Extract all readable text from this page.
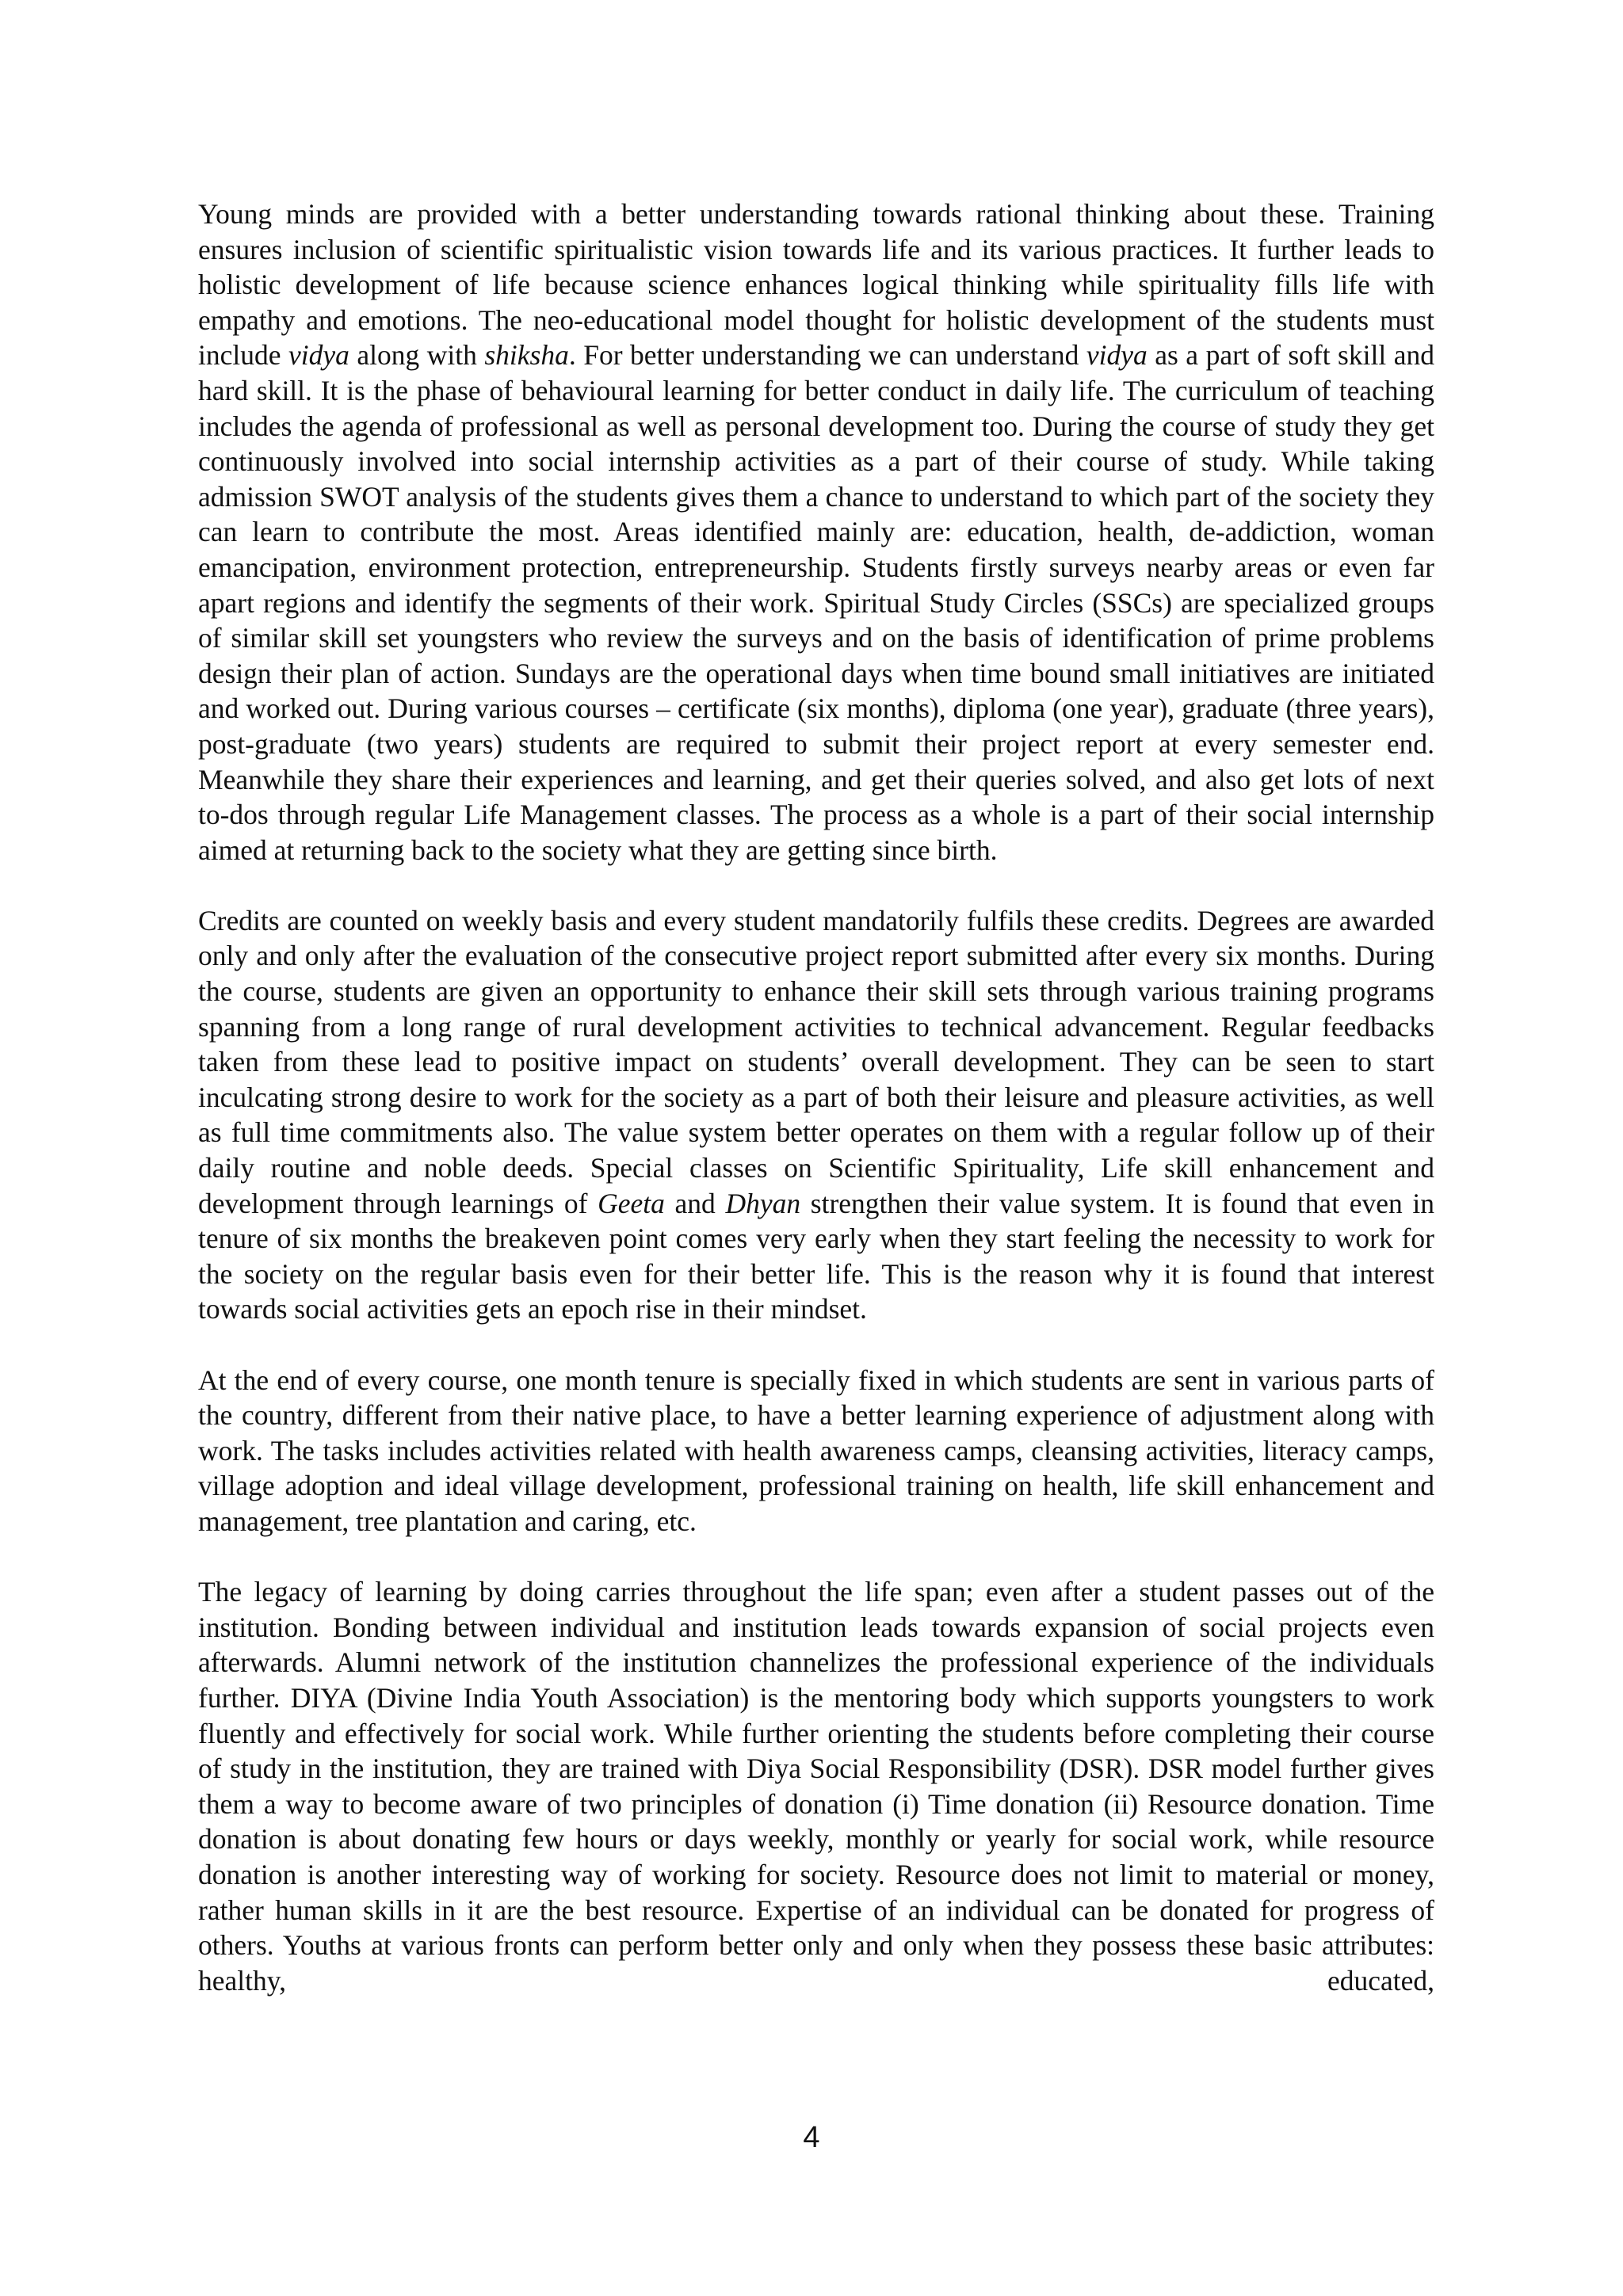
Young minds are provided with a better understanding towards rational thinking about these. Training ensures inclusion of scientific spiritualistic vision towards life and its various practices. It further leads to holistic development of life because science enhances logical thinking while spirituality fills life with empathy and emotions. The neo-educational model thought for holistic development of the students must include vidya along with shiksha. For better understanding we can understand vidya as a part of soft skill and hard skill. It is the phase of behavioural learning for better conduct in daily life. The curriculum of teaching includes the agenda of professional as well as personal development too. During the course of study they get continuously involved into social internship activities as a part of their course of study. While taking admission SWOT analysis of the students gives them a chance to understand to which part of the society they can learn to contribute the most. Areas identified mainly are: education, health, de-addiction, woman emancipation, environment protection, entrepreneurship. Students firstly surveys nearby areas or even far apart regions and identify the segments of their work. Spiritual Study Circles (SSCs) are specialized groups of similar skill set youngsters who review the surveys and on the basis of identification of prime problems design their plan of action. Sundays are the operational days when time bound small initiatives are initiated and worked out. During various courses – certificate (six months), diploma (one year), graduate (three years), post-graduate (two years) students are required to submit their project report at every semester end. Meanwhile they share their experiences and learning, and get their queries solved, and also get lots of next to-dos through regular Life Management classes. The process as a whole is a part of their social internship aimed at returning back to the society what they are getting since birth.

Credits are counted on weekly basis and every student mandatorily fulfils these credits. Degrees are awarded only and only after the evaluation of the consecutive project report submitted after every six months. During the course, students are given an opportunity to enhance their skill sets through various training programs spanning from a long range of rural development activities to technical advancement. Regular feedbacks taken from these lead to positive impact on students’ overall development. They can be seen to start inculcating strong desire to work for the society as a part of both their leisure and pleasure activities, as well as full time commitments also. The value system better operates on them with a regular follow up of their daily routine and noble deeds. Special classes on Scientific Spirituality, Life skill enhancement and development through learnings of Geeta and Dhyan strengthen their value system. It is found that even in tenure of six months the breakeven point comes very early when they start feeling the necessity to work for the society on the regular basis even for their better life. This is the reason why it is found that interest towards social activities gets an epoch rise in their mindset.

At the end of every course, one month tenure is specially fixed in which students are sent in various parts of the country, different from their native place, to have a better learning experience of adjustment along with work. The tasks includes activities related with health awareness camps, cleansing activities, literacy camps, village adoption and ideal village development, professional training on health, life skill enhancement and management, tree plantation and caring, etc.

The legacy of learning by doing carries throughout the life span; even after a student passes out of the institution. Bonding between individual and institution leads towards expansion of social projects even afterwards. Alumni network of the institution channelizes the professional experience of the individuals further. DIYA (Divine India Youth Association) is the mentoring body which supports youngsters to work fluently and effectively for social work. While further orienting the students before completing their course of study in the institution, they are trained with Diya Social Responsibility (DSR). DSR model further gives them a way to become aware of two principles of donation (i) Time donation (ii) Resource donation. Time donation is about donating few hours or days weekly, monthly or yearly for social work, while resource donation is another interesting way of working for society. Resource does not limit to material or money, rather human skills in it are the best resource. Expertise of an individual can be donated for progress of others. Youths at various fronts can perform better only and only when they possess these basic attributes: healthy, educated,

4
